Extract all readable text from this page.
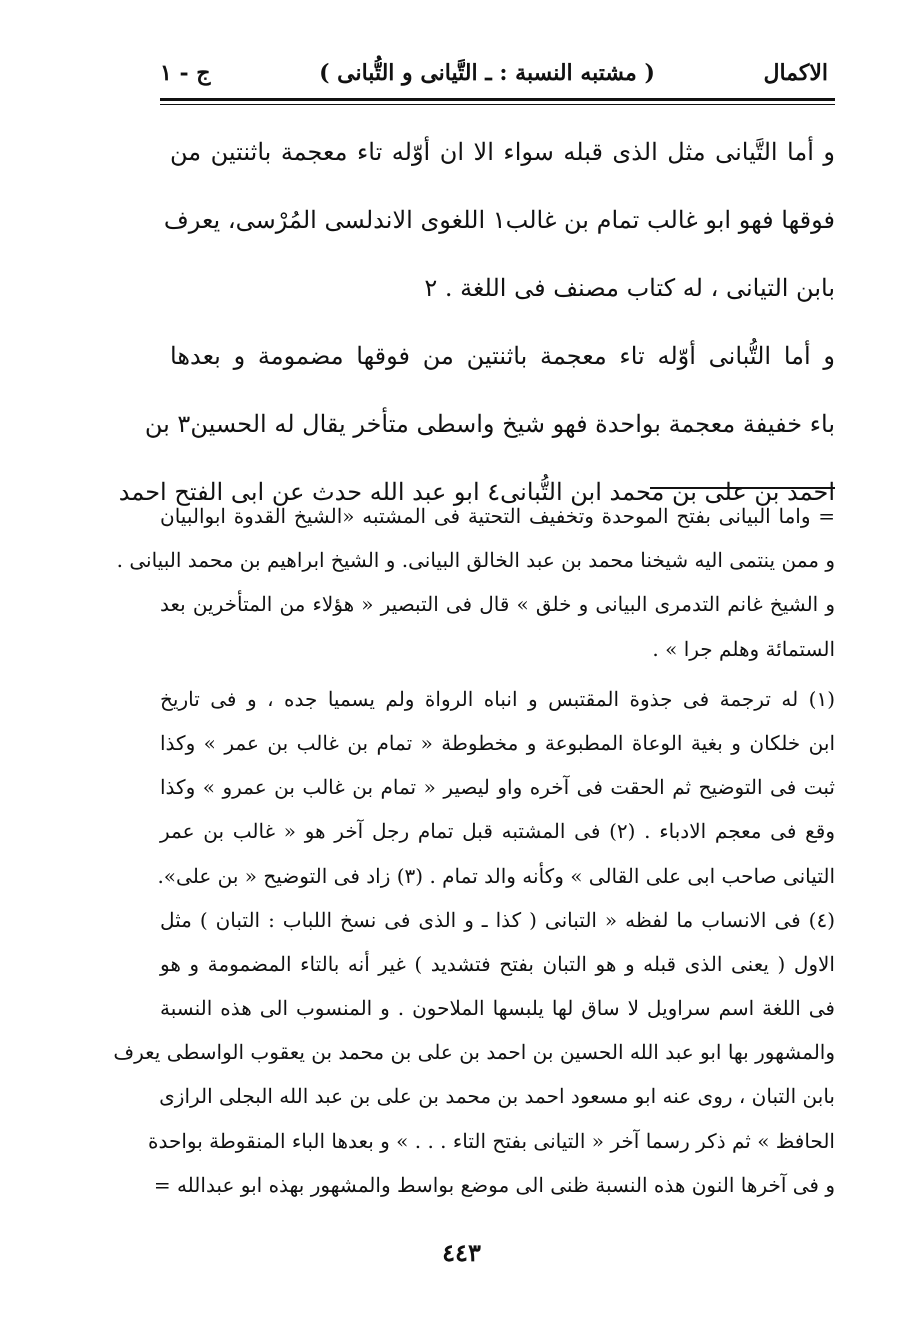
الاكمال
( مشتبه النسبة : ـ التَّيانى و التُّبانى )
ج - ١
و أما التَّيانى مثل الذى قبله سواء الا ان أوّله تاء معجمة باثنتين من
فوقها فهو ابو غالب تمام بن غالب١ اللغوى الاندلسى المُرْسى، يعرف
بابن التيانى ، له كتاب مصنف فى اللغة . ٢
و أما التُّبانى أوّله تاء معجمة باثنتين من فوقها مضمومة و بعدها
باء خفيفة معجمة بواحدة فهو شيخ واسطى متأخر يقال له الحسين٣ بن
احمد بن على بن محمد ابن التُّبانى٤ ابو عبد الله حدث عن ابى الفتح احمد
= واما البيانى بفتح الموحدة وتخفيف التحتية فى المشتبه «الشيخ القدوة ابوالبيان
و ممن ينتمى اليه شيخنا محمد بن عبد الخالق البيانى. و الشيخ ابراهيم بن محمد البيانى .
و الشيخ غانم التدمرى البيانى و خلق » قال فى التبصير « هؤلاء من المتأخرين بعد
الستمائة وهلم جرا » .
(١) له ترجمة فى جذوة المقتبس و انباه الرواة ولم يسميا جده ، و فى تاريخ
ابن خلكان و بغية الوعاة المطبوعة و مخطوطة « تمام بن غالب بن عمر » وكذا
ثبت فى التوضيح ثم الحقت فى آخره واو ليصير « تمام بن غالب بن عمرو » وكذا
وقع فى معجم الادباء . (٢) فى المشتبه قبل تمام رجل آخر هو « غالب بن عمر
التيانى صاحب ابى على القالى » وكأنه والد تمام . (٣) زاد فى التوضيح « بن على».
(٤) فى الانساب ما لفظه « التبانى ( كذا ـ و الذى فى نسخ اللباب : التبان ) مثل
الاول ( يعنى الذى قبله و هو التبان بفتح فتشديد ) غير أنه بالتاء المضمومة و هو
فى اللغة اسم سراويل لا ساق لها يلبسها الملاحون . و المنسوب الى هذه النسبة
والمشهور بها ابو عبد الله الحسين بن احمد بن على بن محمد بن يعقوب الواسطى يعرف
بابن التبان ، روى عنه ابو مسعود احمد بن محمد بن على بن عبد الله البجلى الرازى
الحافظ » ثم ذكر رسما آخر « التيانى بفتح التاء . . . » و بعدها الباء المنقوطة بواحدة
و فى آخرها النون هذه النسبة ظنى الى موضع بواسط والمشهور بهذه ابو عبدالله =
٤٤٣
